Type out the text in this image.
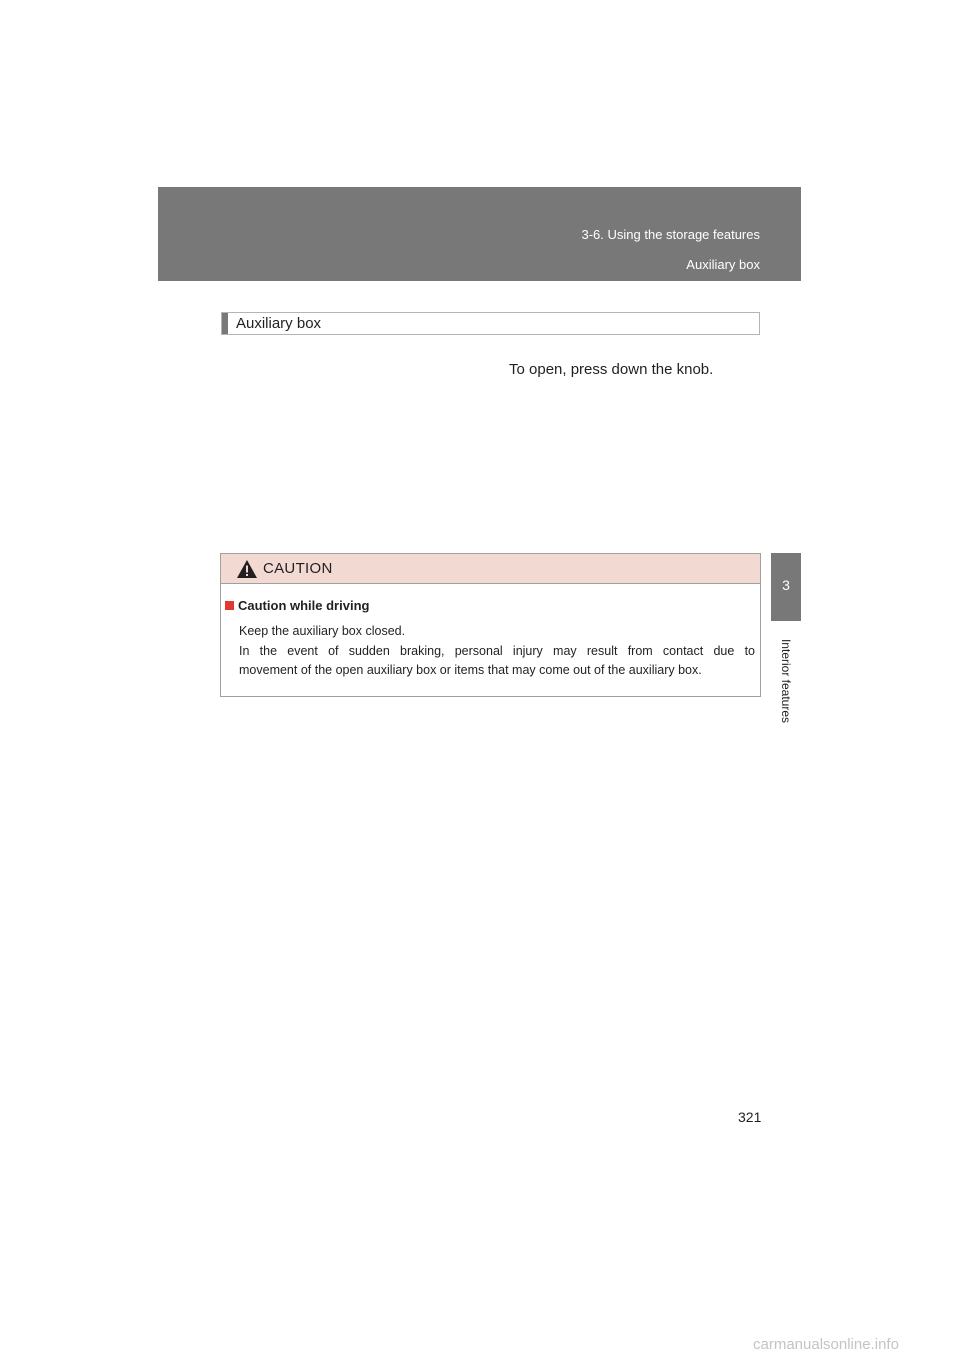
3-6. Using the storage features
Auxiliary box
3
Interior features
Auxiliary box
To open, press down the knob.
CAUTION
Caution while driving

Keep the auxiliary box closed.

In the event of sudden braking, personal injury may result from contact due to

movement of the open auxiliary box or items that may come out of the auxiliary box.

321
carmanualsonline.info
